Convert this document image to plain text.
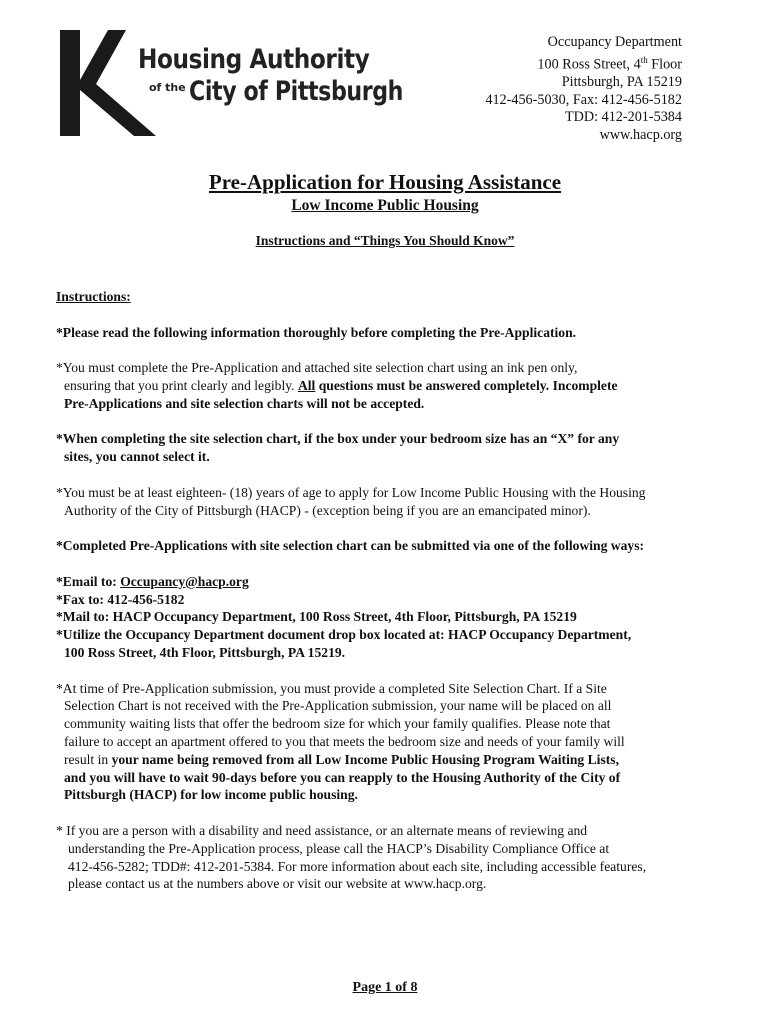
Housing Authority
of the City of Pittsburgh
Occupancy Department
100 Ross Street, 4th Floor
Pittsburgh, PA 15219
412-456-5030, Fax: 412-456-5182
TDD: 412-201-5384
www.hacp.org
Pre-Application for Housing Assistance
Low Income Public Housing
Instructions and “Things You Should Know”
Instructions:
*Please read the following information thoroughly before completing the Pre-Application.
*You must complete the Pre-Application and attached site selection chart using an ink pen only,
ensuring that you print clearly and legibly. All questions must be answered completely. Incomplete
Pre-Applications and site selection charts will not be accepted.
*When completing the site selection chart, if the box under your bedroom size has an “X” for any
sites, you cannot select it.
*You must be at least eighteen- (18) years of age to apply for Low Income Public Housing with the Housing
Authority of the City of Pittsburgh (HACP) - (exception being if you are an emancipated minor).
*Completed Pre-Applications with site selection chart can be submitted via one of the following ways:
*Email to: Occupancy@hacp.org
*Fax to: 412-456-5182
*Mail to: HACP Occupancy Department, 100 Ross Street, 4th Floor, Pittsburgh, PA 15219
*Utilize the Occupancy Department document drop box located at: HACP Occupancy Department,
100 Ross Street, 4th Floor, Pittsburgh, PA 15219.
*At time of Pre-Application submission, you must provide a completed Site Selection Chart. If a Site
Selection Chart is not received with the Pre-Application submission, your name will be placed on all
community waiting lists that offer the bedroom size for which your family qualifies. Please note that
failure to accept an apartment offered to you that meets the bedroom size and needs of your family will
result in your name being removed from all Low Income Public Housing Program Waiting Lists,
and you will have to wait 90-days before you can reapply to the Housing Authority of the City of
Pittsburgh (HACP) for low income public housing.
* If you are a person with a disability and need assistance, or an alternate means of reviewing and
understanding the Pre-Application process, please call the HACP’s Disability Compliance Office at
412-456-5282; TDD#: 412-201-5384. For more information about each site, including accessible features,
please contact us at the numbers above or visit our website at www.hacp.org.
Page 1 of 8
